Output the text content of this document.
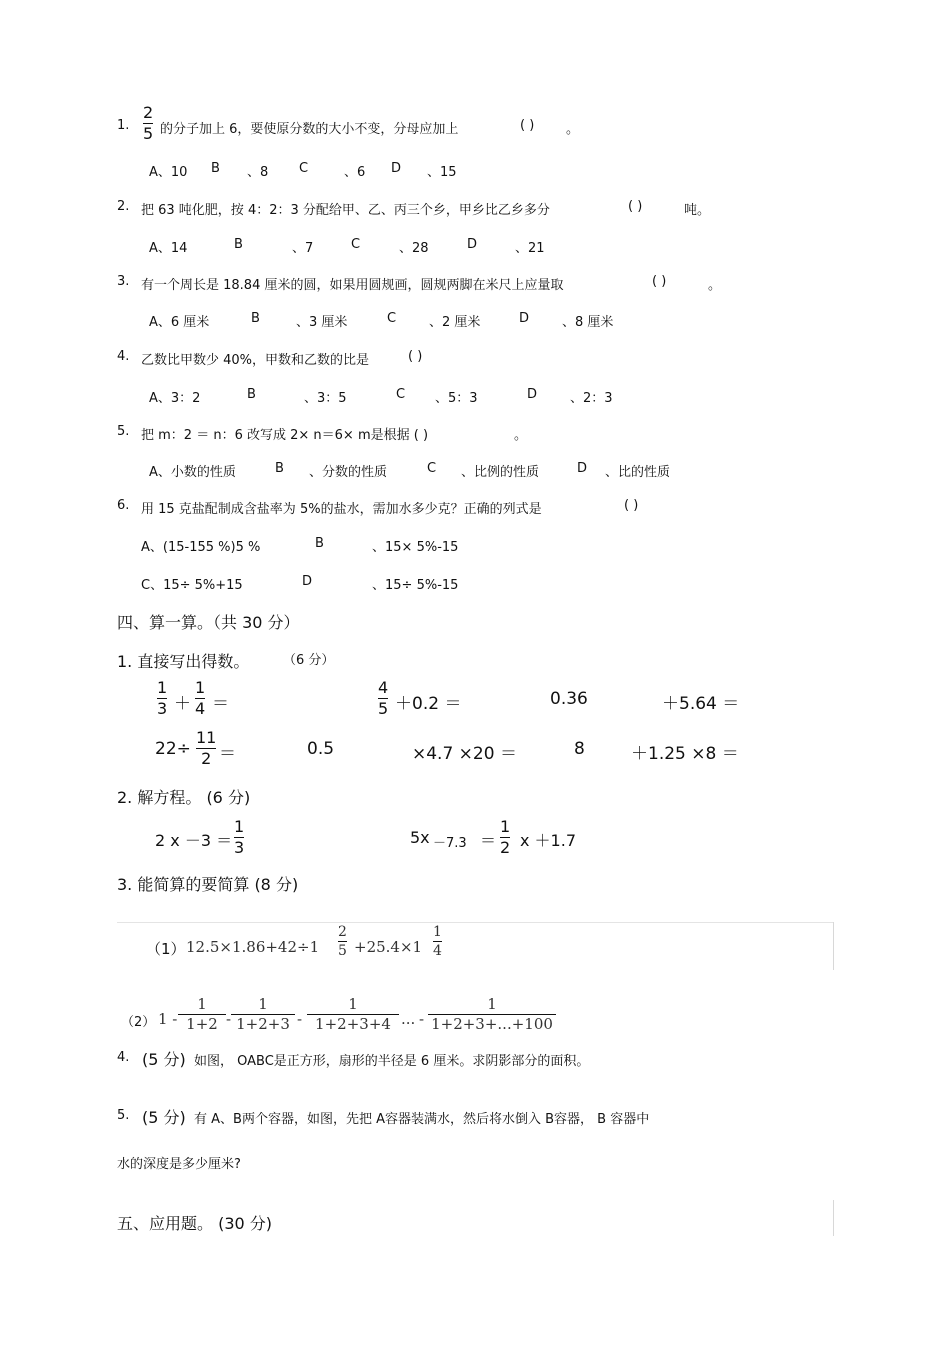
1.
2
5 的分子加上 6，要使原分数的大小不变，分母应加上	( ) 。
A、10 B 、8 C	、6 D 、15
2. 把 63 吨化肥，按 4：2：3 分配给甲、乙、丙三个乡，甲乡比乙乡多分	( )	吨。
A、14	B	、7	C	、28	D	、21
3. 有一个周长是 18.84 厘米的圆，如果用圆规画，圆规两脚在米尺上应量取	( )	。
A、6 厘米	B	、3 厘米	C	、2 厘米	D	、8 厘米
4. 乙数比甲数少 40%，甲数和乙数的比是	( )
A、3：2	B	、3：5	C 、5：3	D	、2：3
5. 把 m：2 ＝ n：6 改写成 2× n＝6× m是根据 ( )	。
A、小数的性质	B 、分数的性质	C 、比例的性质	D 、比的性质
6. 用 15 克盐配制成含盐率为 5%的盐水，需加水多少克？正确的列式是	( )
A、(15-155 %)5 %	B	、15× 5%-15
C、15÷ 5%+15	D	、15÷ 5%-15
四、算一算。（共 30 分）
1. 直接写出得数。	（6 分）
1
3 ＋
1
4 ＝
4
5 ＋0.2 ＝	0.36	＋5.64 ＝
22÷
11
2 ＝	0.5	×4.7 ×20 ＝	8	＋1.25 ×8 ＝
2. 解方程。 (6 分)
2 x －3 ＝
1
3
5x －7.3 ＝
1
2 x ＋1.7
3. 能简算的要简算 (8 分)
（1） 12.5×1.86+42÷1
2
5 +25.4×1
1
4
（2） 1 -
1
1+2 -
1
1+2+3 -
1
1+2+3+4 ... -
1
1+2+3+...+100
4. (5 分) 如图， OABC是正方形，扇形的半径是 6 厘米。求阴影部分的面积。
5. (5 分) 有 A、B两个容器，如图，先把 A容器装满水，然后将水倒入 B容器， B 容器中
水的深度是多少厘米?
五、应用题。 (30 分)
